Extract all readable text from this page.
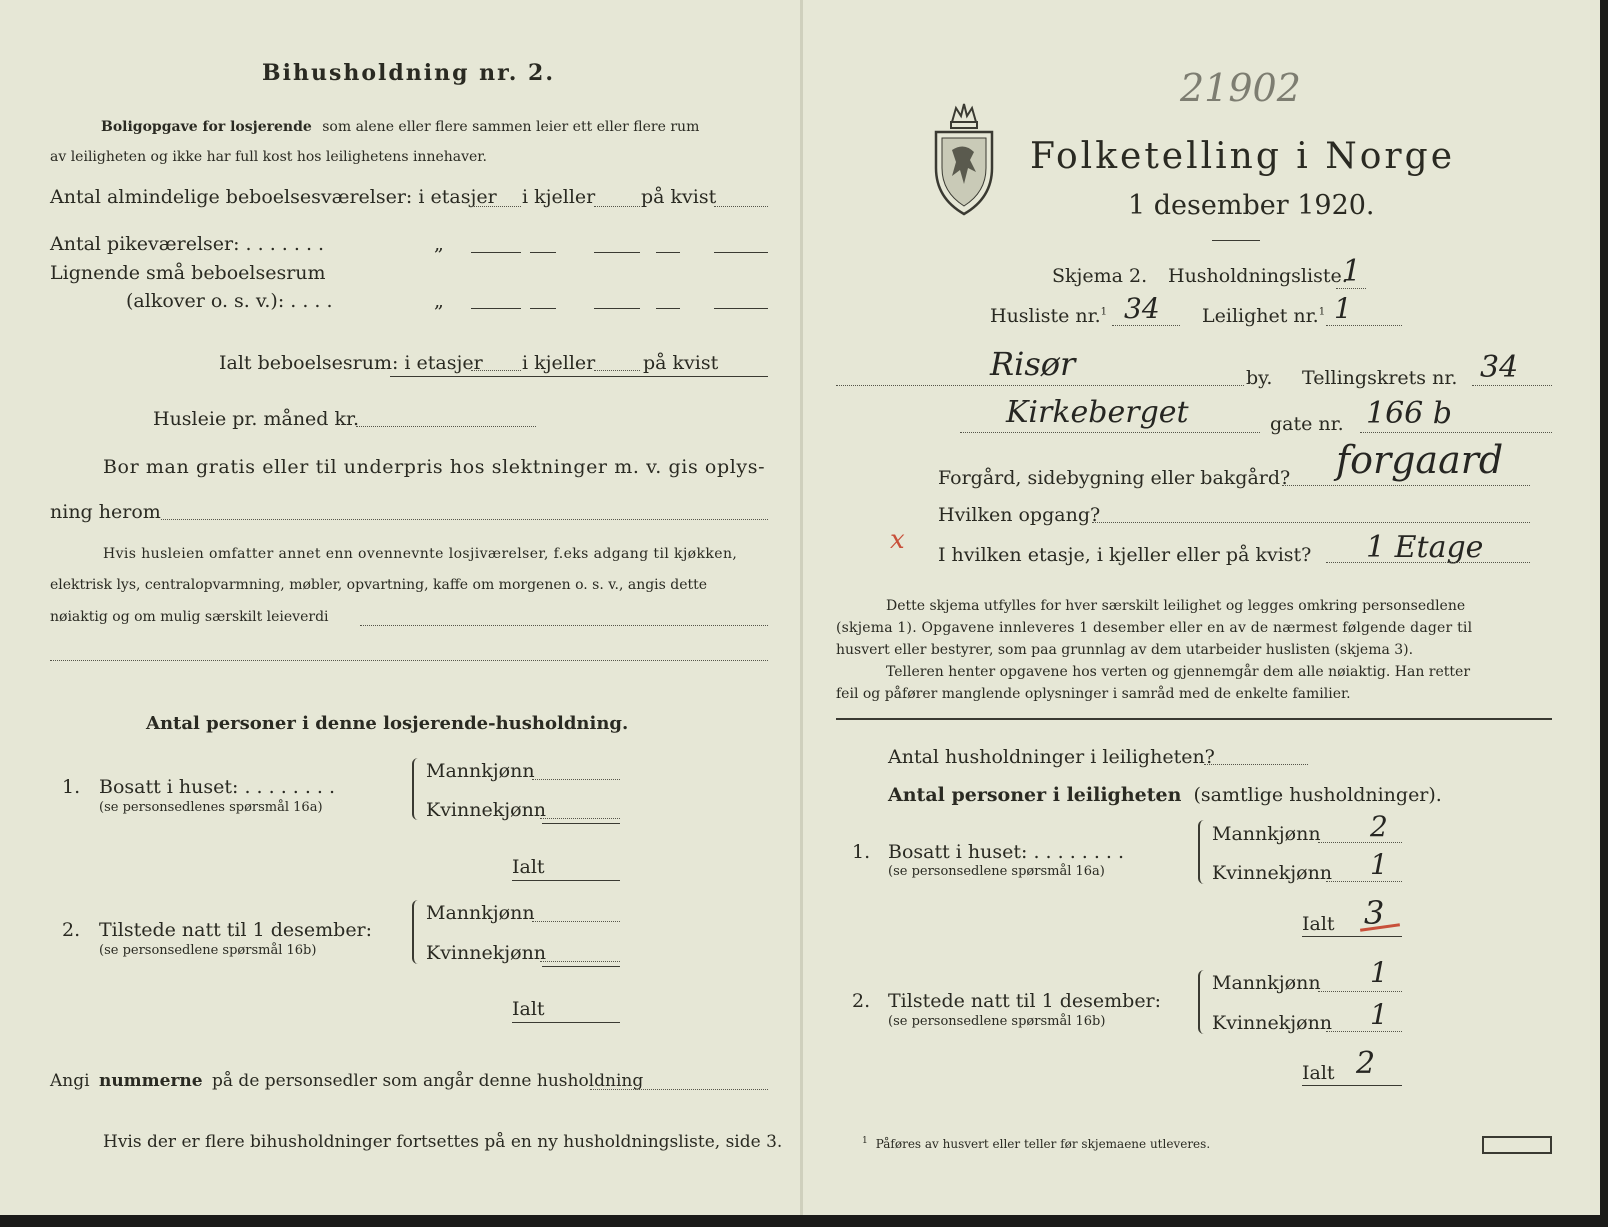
Bihusholdning nr. 2.
Boligopgave for losjerende som alene eller flere sammen leier ett eller flere rum
av leiligheten og ikke har full kost hos leilighetens innehaver.
Antal almindelige beboelsesværelser: i etasjer i kjeller på kvist
Antal pikeværelser: . . . . . . .	„
Lignende små beboelsesrum
(alkover o. s. v.): . . . .	„
Ialt beboelsesrum: i etasjer i kjeller	på kvist
Husleie pr. måned kr.
Bor man gratis eller til underpris hos slektninger m. v. gis oplys-
ning herom
Hvis husleien omfatter annet enn ovennevnte losjiværelser, f.eks adgang til kjøkken,
elektrisk lys, centralopvarmning, møbler, opvartning, kaffe om morgenen o. s. v., angis dette
nøiaktig og om mulig særskilt leieverdi
Antal personer i denne losjerende-husholdning.
1. Bosatt i huset: . . . . . . . .
(se personsedlenes spørsmål 16a)
Mannkjønn
Kvinnekjønn
Ialt
2. Tilstede natt til 1 desember:
(se personsedlene spørsmål 16b)
Mannkjønn
Kvinnekjønn
Ialt
Angi nummerne på de personsedler som angår denne husholdning
Hvis der er flere bihusholdninger fortsettes på en ny husholdningsliste, side 3.
21902
Folketelling i Norge
1 desember 1920.
Skjema 2. Husholdningsliste.
1
Husliste nr.$^1$ 34 Leilighet nr.$^1$ 1
Risør	by. Tellingskrets nr. 34
Kirkeberget	gate nr. 166 b
Forgård, sidebygning eller bakgård? forgaard
Hvilken opgang?
x I hvilken etasje, i kjeller eller på kvist? 1 Etage
Dette skjema utfylles for hver særskilt leilighet og legges omkring personsedlene
(skjema 1). Opgavene innleveres 1 desember eller en av de nærmest følgende dager til
husvert eller bestyrer, som paa grunnlag av dem utarbeider huslisten (skjema 3).
Telleren henter opgavene hos verten og gjennemgår dem alle nøiaktig. Han retter
feil og påfører manglende oplysninger i samråd med de enkelte familier.
Antal husholdninger i leiligheten?
Antal personer i leiligheten (samtlige husholdninger).
1. Bosatt i huset: . . . . . . . .
(se personsedlene spørsmål 16a)
Mannkjønn 2
Kvinnekjønn 1
Ialt 3
2. Tilstede natt til 1 desember:
(se personsedlene spørsmål 16b)
Mannkjønn 1
Kvinnekjønn 1
Ialt 2
$^1$ Påføres av husvert eller teller før skjemaene utleveres.
